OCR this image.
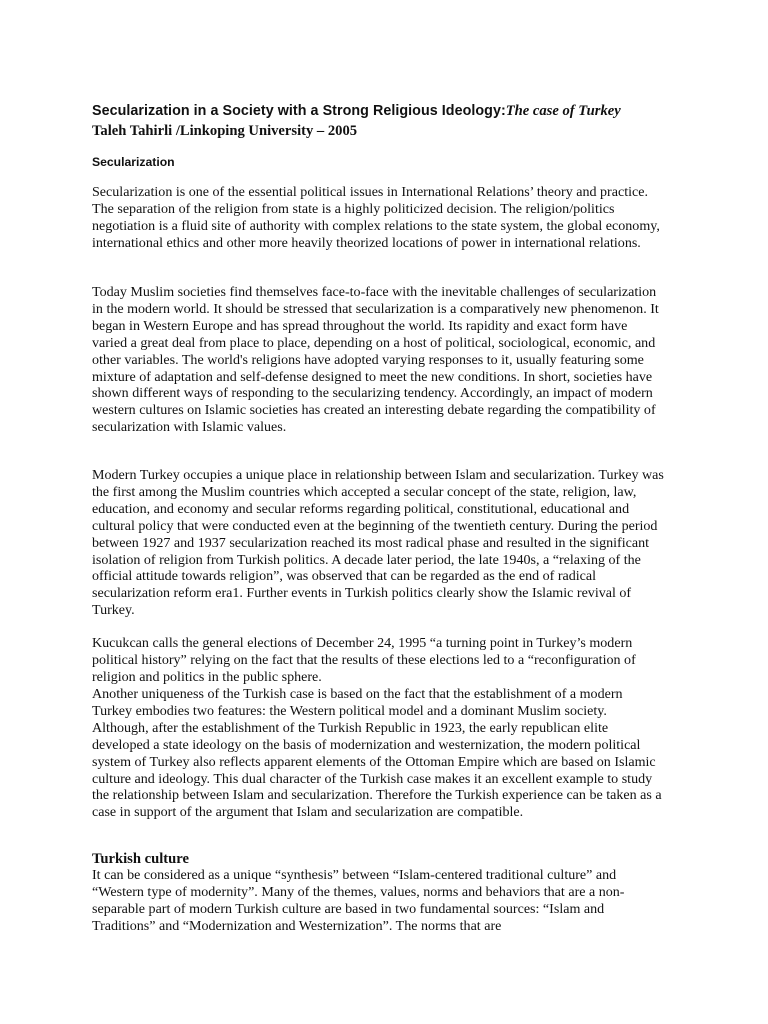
Secularization in a Society with a Strong Religious Ideology:The case of Turkey
Taleh Tahirli /Linkoping University – 2005
Secularization

Secularization is one of the essential political issues in International Relations’ theory and practice. The separation of the religion from state is a highly politicized decision. The religion/politics negotiation is a fluid site of authority with complex relations to the state system, the global economy, international ethics and other more heavily theorized locations of power in international relations.

Today Muslim societies find themselves face-to-face with the inevitable challenges of secularization in the modern world. It should be stressed that secularization is a comparatively new phenomenon. It began in Western Europe and has spread throughout the world. Its rapidity and exact form have varied a great deal from place to place, depending on a host of political, sociological, economic, and other variables. The world's religions have adopted varying responses to it, usually featuring some mixture of adaptation and self-defense designed to meet the new conditions. In short, societies have shown different ways of responding to the secularizing tendency. Accordingly, an impact of modern western cultures on Islamic societies has created an interesting debate regarding the compatibility of secularization with Islamic values.

Modern Turkey occupies a unique place in relationship between Islam and secularization. Turkey was the first among the Muslim countries which accepted a secular concept of the state, religion, law, education, and economy and secular reforms regarding political, constitutional, educational and cultural policy that were conducted even at the beginning of the twentieth century. During the period between 1927 and 1937 secularization reached its most radical phase and resulted in the significant isolation of religion from Turkish politics. A decade later period, the late 1940s, a “relaxing of the official attitude towards religion”, was observed that can be regarded as the end of radical secularization reform era1. Further events in Turkish politics clearly show the Islamic revival of Turkey.

Kucukcan calls the general elections of December 24, 1995 “a turning point in Turkey’s modern political history” relying on the fact that the results of these elections led to a “reconfiguration of religion and politics in the public sphere.

Another uniqueness of the Turkish case is based on the fact that the establishment of a modern Turkey embodies two features: the Western political model and a dominant Muslim society. Although, after the establishment of the Turkish Republic in 1923, the early republican elite developed a state ideology on the basis of modernization and westernization, the modern political system of Turkey also reflects apparent elements of the Ottoman Empire which are based on Islamic culture and ideology. This dual character of the Turkish case makes it an excellent example to study the relationship between Islam and secularization. Therefore the Turkish experience can be taken as a case in support of the argument that Islam and secularization are compatible.

Turkish culture

It can be considered as a unique “synthesis” between “Islam-centered traditional culture” and “Western type of modernity”. Many of the themes, values, norms and behaviors that are a non-separable part of modern Turkish culture are based in two fundamental sources: “Islam and Traditions” and “Modernization and Westernization”. The norms that are
